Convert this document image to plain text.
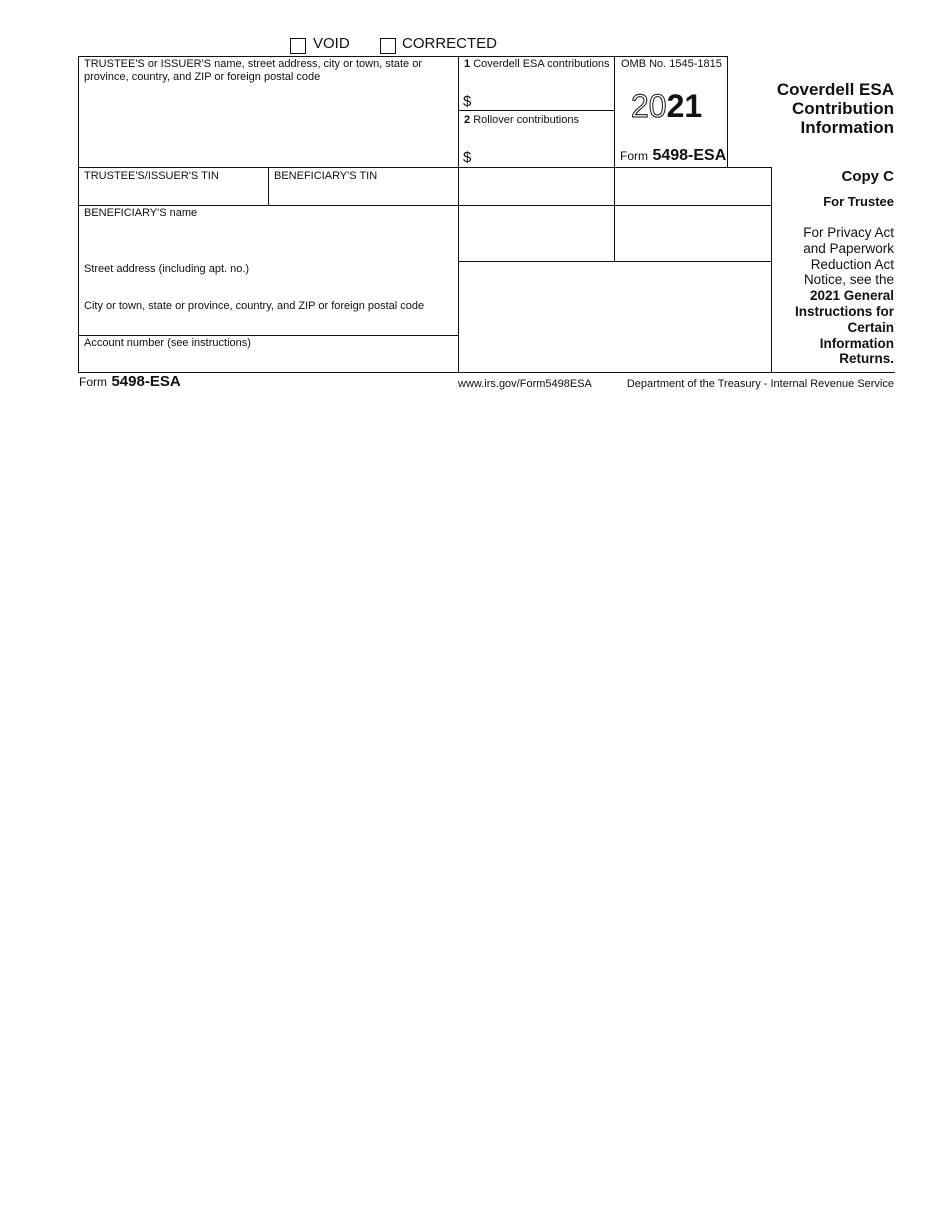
VOID	CORRECTED
TRUSTEE'S or ISSUER'S name, street address, city or town, state or province, country, and ZIP or foreign postal code
TRUSTEE'S/ISSUER'S TIN	BENEFICIARY'S TIN
BENEFICIARY'S name
Street address (including apt. no.)
City or town, state or province, country, and ZIP or foreign postal code
Account number (see instructions)
1 Coverdell ESA contributions
$
2 Rollover contributions
$
OMB No. 1545-1815
2021
Form 5498-ESA
Coverdell ESA
Contribution
Information
Copy C
For Trustee
For Privacy Act
and Paperwork
Reduction Act
Notice, see the
2021 General
Instructions for
Certain
Information
Returns.
Form 5498-ESA	www.irs.gov/Form5498ESA	Department of the Treasury - Internal Revenue Service
